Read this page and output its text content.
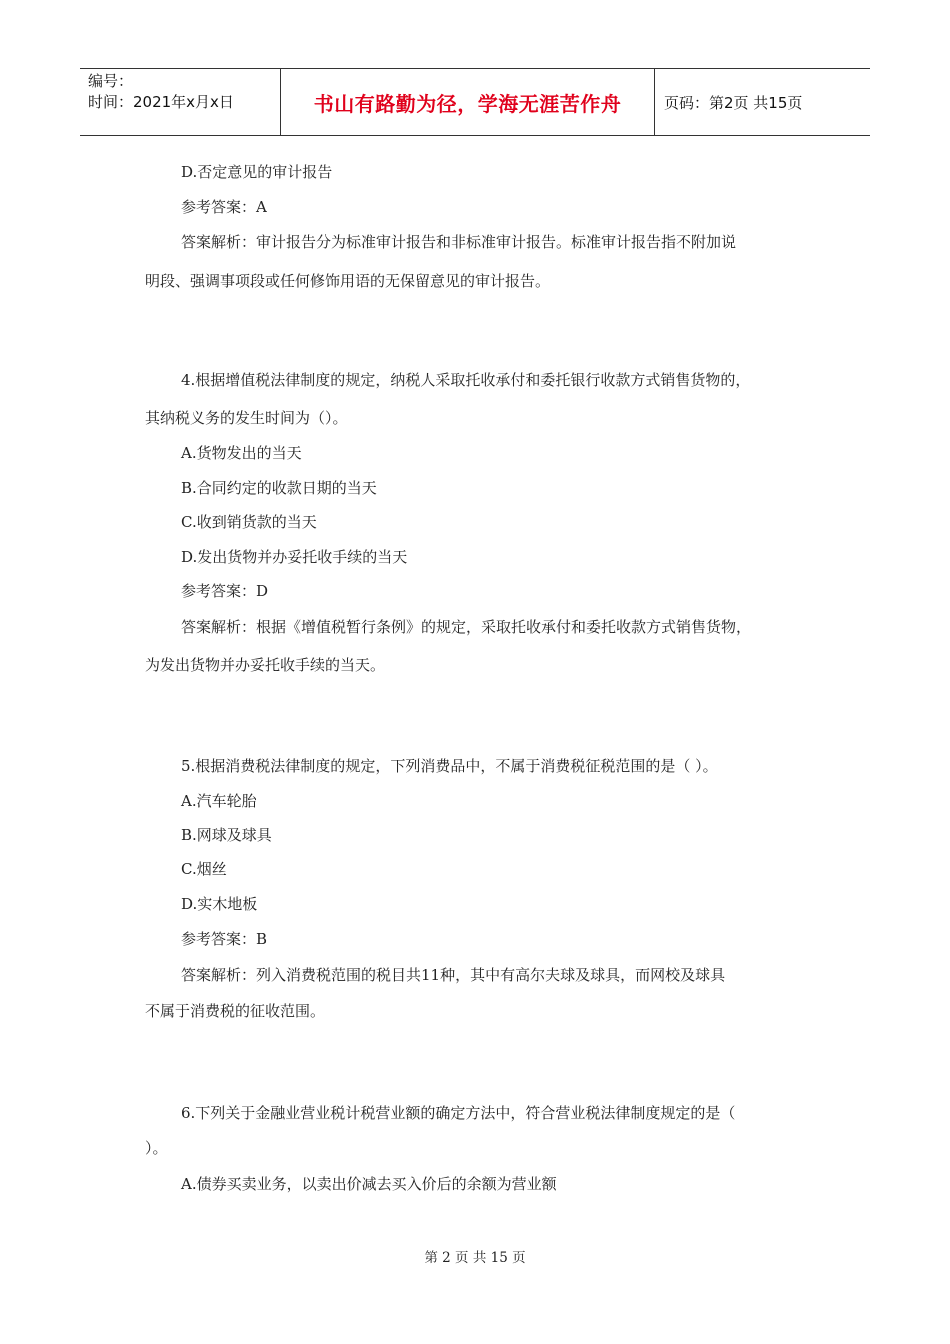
编号：
时间：2021年x月x日	书山有路勤为径，学海无涯苦作舟	页码：第2页 共15页
D.否定意见的审计报告
参考答案：A
答案解析：审计报告分为标准审计报告和非标准审计报告。标准审计报告指不附加说
明段、强调事项段或任何修饰用语的无保留意见的审计报告。
4.根据增值税法律制度的规定，纳税人采取托收承付和委托银行收款方式销售货物的，
其纳税义务的发生时间为（）。
A.货物发出的当天
B.合同约定的收款日期的当天
C.收到销货款的当天
D.发出货物并办妥托收手续的当天
参考答案：D
答案解析：根据《增值税暂行条例》的规定，采取托收承付和委托收款方式销售货物，
为发出货物并办妥托收手续的当天。
5.根据消费税法律制度的规定，下列消费品中，不属于消费税征税范围的是（ ）。
A.汽车轮胎
B.网球及球具
C.烟丝
D.实木地板
参考答案：B
答案解析：列入消费税范围的税目共11种，其中有高尔夫球及球具，而网校及球具
不属于消费税的征收范围。
6.下列关于金融业营业税计税营业额的确定方法中，符合营业税法律制度规定的是（
）。
A.债券买卖业务，以卖出价减去买入价后的余额为营业额
第 2 页 共 15 页
